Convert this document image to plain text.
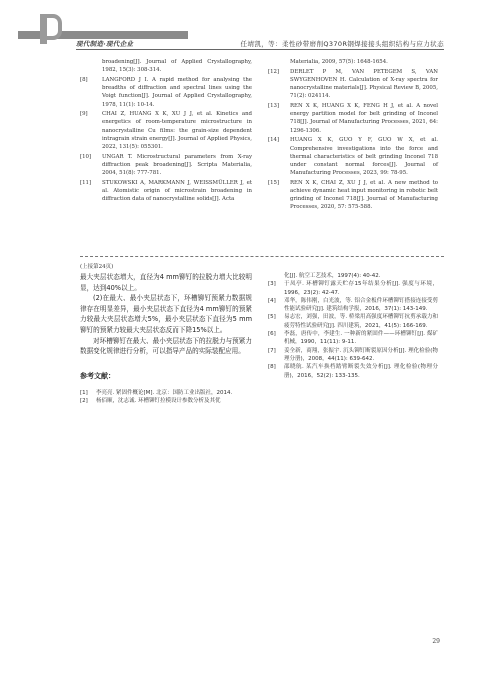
现代制造·现代企业	任靖凯，等：柔性砂带磨削Q370R钢焊接接头组织结构与应力状态
broadening[J]. Journal of Applied Crystallography, 1982, 15(3): 308-314.
[8]	LANGFORD J I. A rapid method for analysing the breadths of diffraction and spectral lines using the Voigt function[J]. Journal of Applied Crystallography, 1978, 11(1): 10-14.
[9]	CHAI Z, HUANG X K, XU J J, et al. Kinetics and energetics of room-temperature microstructure in nanocrystalline Cu films: the grain-size dependent intragrain strain energy[J]. Journal of Applied Physics, 2022, 131(5): 055301.
[10] UNGAR T. Microstructural parameters from X-ray diffraction peak broadening[J]. Scripta Materialia, 2004, 51(8): 777-781.
[11] STUKOWSKI A, MARKMANN J, WEISSMÜLLER J, et al. Atomistic origin of microstrain broadening in diffraction data of nanocrystalline solids[J]. Acta
Materialia, 2009, 57(5): 1648-1654.
[12] DERLET P M, VAN PETEGEM S, VAN SWYGENHOVEN H. Calculation of X-ray spectra for nanocrystalline materials[J]. Physical Review B, 2005, 71(2): 024114.
[13] REN X K, HUANG X K, FENG H J, et al. A novel energy partition model for belt grinding of Inconel 718[J]. Journal of Manufacturing Processes, 2021, 64: 1296-1306.
[14] HUANG X K, GUO Y F, GUO W X, et al. Comprehensive investigations into the force and thermal characteristics of belt grinding Inconel 718 under constant normal forces[J]. Journal of Manufacturing Processes, 2023, 99: 78-95.
[15] REN X K, CHAI Z, XU J J, et al. A new method to achieve dynamic heat input monitoring in robotic belt grinding of Inconel 718[J]. Journal of Manufacturing Processes, 2020, 57: 575-588.
(上接第24页)

最大夹层状态增大，直径为4 mm铆钉的拉脱力增大比较明显，达到40%以上。

(2)在最大、最小夹层状态下，环槽铆钉预紧力数据规律存在明显差异，最小夹层状态下直径为4 mm铆钉的预紧力较最大夹层状态增大5%，最小夹层状态下直径为5 mm铆钉的预紧力较最大夹层状态反而下降15%以上。

对环槽铆钉在最大、最小夹层状态下的拉脱力与预紧力数据变化规律进行分析，可以指导产品的实际装配应用。

参考文献：
[1] 李亮亮. 紧固件概论[M]. 北京：国防工业出版社，2014.
[2] 杨佰顺，沈志诚. 环槽铆钉拉模设计参数分析及其优
化[J]. 航空工艺技术，1997(4): 40-42.
[3] 于凤亭. 环槽铆钉露天贮存15年结果分析[J]. 强度与环境，1996，23(2): 42-47.
[4] 邓华，陈伟刚，白光波，等. 铝合金板件环槽铆钉搭接连接受剪性能试验研究[J]. 建筑结构学报，2016，37(1): 143-149.
[5] 易志宏，刘强，田波，等. 桥梁用高强度环槽铆钉抗剪承载力和疲劳特性试验研究[J]. 四川建筑，2021，41(5): 166-169.
[6] 李磊，唐传中，李建生. 一种新的紧固件——环槽铆钉[J]. 煤矿机械，1990，11(11): 9-11.
[7] 姜全新，商翔，张振宇. 沉头铆钉断裂原因分析[J]. 理化检验(物理分册)，2008，44(11): 639-642.
[8] 邵晓航. 某汽车换档踏臂断裂失效分析[J]. 理化检验(物理分册)，2016，52(2): 133-135.
29
